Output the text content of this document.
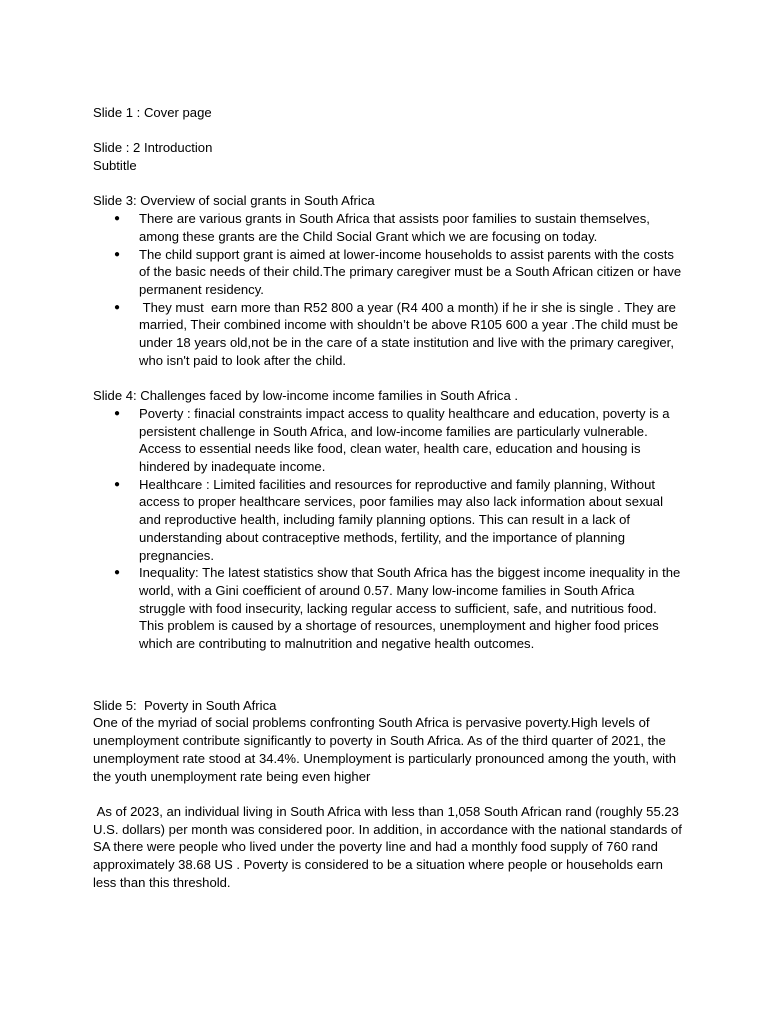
Slide 1 : Cover page

Slide : 2 Introduction

Subtitle

Slide 3: Overview of social grants in South Africa

● There are various grants in South Africa that assists poor families to sustain themselves,  among these grants are the Child Social Grant which we are focusing on today.
● The child support grant is aimed at lower-income households to assist parents with the costs of the basic needs of their child.The primary caregiver must be a South African citizen or have permanent residency.
●  They must  earn more than R52 800 a year (R4 400 a month) if he ir she is single . They are   married, Their combined income with shouldn’t be above R105 600 a year .The child must be under 18 years old,not be in the care of a state institution and live with the primary caregiver, who isn't paid to look after the child.

Slide 4: Challenges faced by low-income income families in South Africa .

● Poverty : finacial constraints impact access to quality healthcare and education, poverty is a persistent challenge in South Africa, and low-income families are particularly vulnerable. Access to essential needs like food, clean water, health care, education and housing is hindered by inadequate income.
● Healthcare : Limited facilities and resources for reproductive and family planning, Without access to proper healthcare services, poor families may also lack information about sexual and reproductive health, including family planning options. This can result in a lack of understanding about contraceptive methods, fertility, and the importance of planning pregnancies.
● Inequality: The latest statistics show that South Africa has the biggest income inequality in the world, with a Gini coefficient of around 0.57. Many low-income families in South Africa struggle with food insecurity, lacking regular access to sufficient, safe, and nutritious food. This problem is caused by a shortage of resources, unemployment and higher food prices which are contributing to malnutrition and negative health outcomes.

Slide 5:  Poverty in South Africa

One of the myriad of social problems confronting South Africa is pervasive poverty.High levels of unemployment contribute significantly to poverty in South Africa. As of the third quarter of 2021, the unemployment rate stood at 34.4%. Unemployment is particularly pronounced among the youth, with the youth unemployment rate being even higher

As of 2023, an individual living in South Africa with less than 1,058 South African rand (roughly 55.23 U.S. dollars) per month was considered poor. In addition, in accordance with the national standards of SA there were people who lived under the poverty line and had a monthly food supply of 760 rand approximately 38.68 US . Poverty is considered to be a situation where people or households earn less than this threshold.
